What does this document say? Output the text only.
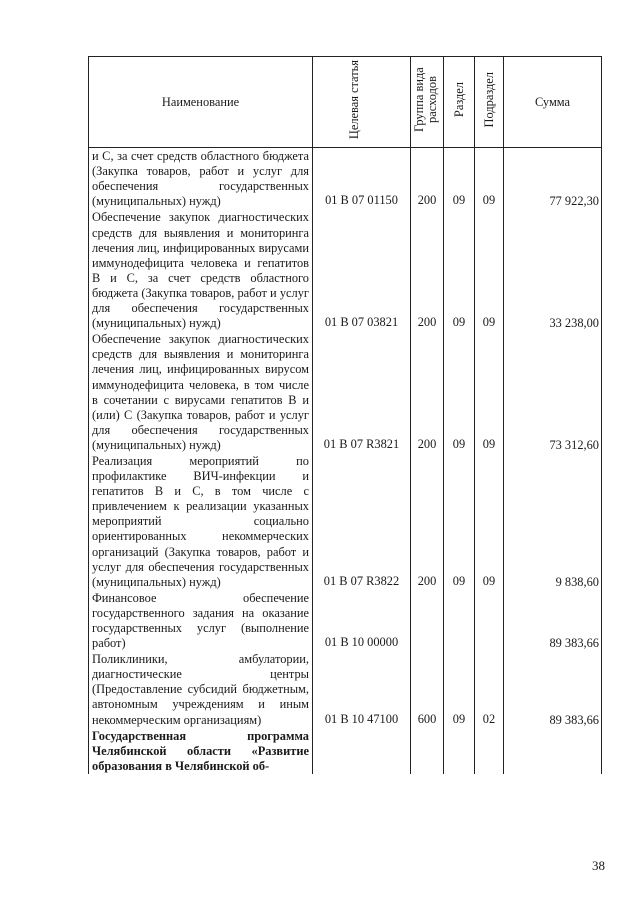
Наименование	Целевая статья	Группа вида расходов	Раздел	Подраздел	Сумма
и С, за счет средств областного бюджета (Закупка товаров, работ и услуг для обеспечения государственных (муниципальных) нужд)	01 В 07 01150	200	09	09	77 922,30
Обеспечение закупок диагностических средств для выявления и мониторинга лечения лиц, инфицированных вирусами иммунодефицита человека и гепатитов В и С, за счет средств областного бюджета (Закупка товаров, работ и услуг для обеспечения государственных (муниципальных) нужд)	01 В 07 03821	200	09	09	33 238,00
Обеспечение закупок диагностических средств для выявления и мониторинга лечения лиц, инфицированных вирусом иммунодефицита человека, в том числе в сочетании с вирусами гепатитов В и (или) С (Закупка товаров, работ и услуг для обеспечения государственных (муниципальных) нужд)	01 В 07 R3821	200	09	09	73 312,60
Реализация мероприятий по профилактике ВИЧ-инфекции и гепатитов В и С, в том числе с привлечением к реализации указанных мероприятий социально ориентированных некоммерческих организаций (Закупка товаров, работ и услуг для обеспечения государственных (муниципальных) нужд)	01 В 07 R3822	200	09	09	9 838,60
Финансовое обеспечение государственного задания на оказание государственных услуг (выполнение работ)	01 В 10 00000				89 383,66
Поликлиники, амбулатории, диагностические центры (Предоставление субсидий бюджетным, автономным учреждениям и иным некоммерческим организациям)	01 В 10 47100	600	09	02	89 383,66
Государственная программа Челябинской области «Развитие образования в Челябинской об-					
38
